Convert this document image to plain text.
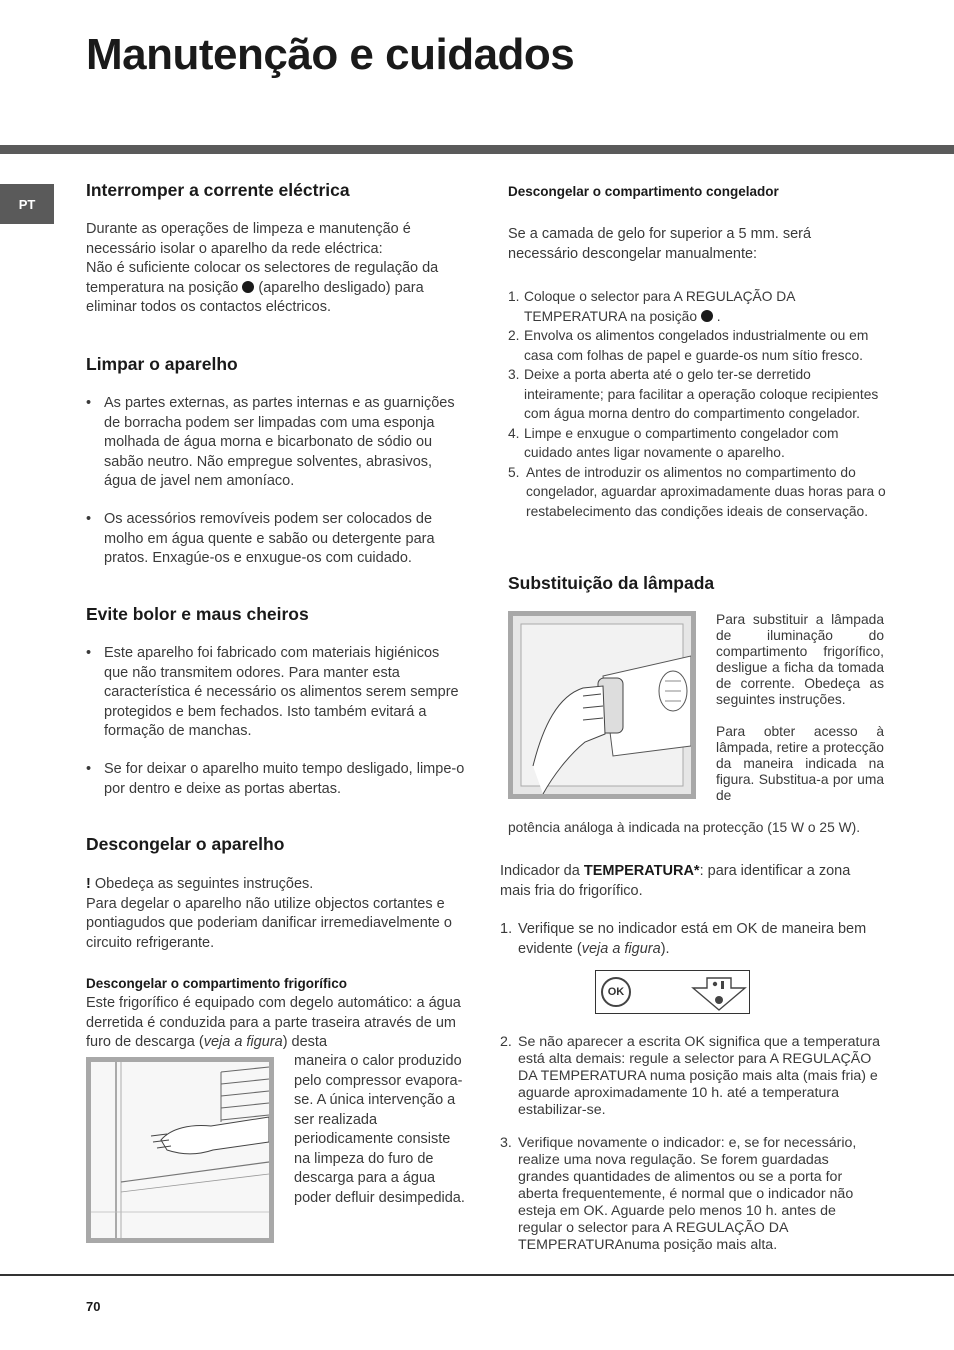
Manutenção e cuidados
PT
Interromper a corrente eléctrica

Durante as operações de limpeza e manutenção é necessário isolar o aparelho da rede eléctrica:

Não é suficiente colocar os selectores de regulação da temperatura na posição (aparelho desligado) para eliminar todos os contactos eléctricos.

Limpar o aparelho
• As partes externas, as partes internas e as guarnições de borracha podem ser limpadas com uma esponja molhada de água morna e bicarbonato de sódio ou sabão neutro. Não empregue solventes, abrasivos, água de javel nem amoníaco.
• Os acessórios removíveis podem ser colocados de molho em água quente e sabão ou detergente para pratos. Enxagúe-os e enxugue-os com cuidado.
Evite bolor e maus cheiros
• Este aparelho foi fabricado com materiais higiénicos que não transmitem odores. Para manter esta característica é necessário os alimentos serem sempre protegidos e bem fechados. Isto também evitará a formação de manchas.
• Se for deixar o aparelho muito tempo desligado, limpe-o por dentro e deixe as portas abertas.
Descongelar o aparelho

! Obedeça as seguintes instruções.

Para degelar o aparelho não utilize objectos cortantes e pontiagudos que poderiam danificar irremediavelmente o circuito refrigerante.

Descongelar o compartimento frigorífico
Este frigorífico é equipado com degelo automático: a água derretida é conduzida para a parte traseira através de um furo de descarga (veja a figura) desta
maneira o calor produzido pelo compressor evapora-se. A única intervenção a ser realizada periodicamente consiste na limpeza do furo de descarga para a água poder defluir desimpedida.
Descongelar o compartimento congelador
Se a camada de gelo for superior a 5 mm. será necessário descongelar manualmente:
1. Coloque o selector para A REGULAÇÃO DA TEMPERATURA na posição .
2. Envolva os alimentos congelados industrialmente ou em casa com folhas de papel e guarde-os num sítio fresco.
3. Deixe a porta aberta até o gelo ter-se derretido inteiramente; para facilitar a operação coloque recipientes com água morna dentro do compartimento congelador.
4. Limpe e enxugue o compartimento congelador com cuidado antes ligar novamente o aparelho.
5. Antes de introduzir os alimentos no compartimento do congelador, aguardar aproximadamente duas horas para o restabelecimento das condições ideais de conservação.
Substituição da lâmpada

Para substituir a lâmpada de iluminação do compartimento frigorífico, desligue a ficha da tomada de corrente. Obedeça as seguintes instruções.

Para obter acesso à lâmpada, retire a protecção da maneira indicada na figura. Substitua-a por uma de

potência análoga à indicada na protecção (15 W o 25 W).
Indicador da TEMPERATURA*: para identificar a zona mais fria do frigorífico.
1. Verifique se no indicador está em OK de maneira bem evidente (veja a figura).
OK
2. Se não aparecer a escrita OK significa que a temperatura está alta demais: regule a selector para A REGULAÇÃO DA TEMPERATURA numa posição mais alta (mais fria) e aguarde aproximadamente 10 h. até a temperatura estabilizar-se.
3. Verifique novamente o indicador: e, se for necessário, realize uma nova regulação. Se forem guardadas grandes quantidades de alimentos ou se a porta for aberta frequentemente, é normal que o indicador não esteja em OK. Aguarde pelo menos 10 h. antes de regular o selector para A REGULAÇÃO DA TEMPERATURAnuma posição mais alta.
70
